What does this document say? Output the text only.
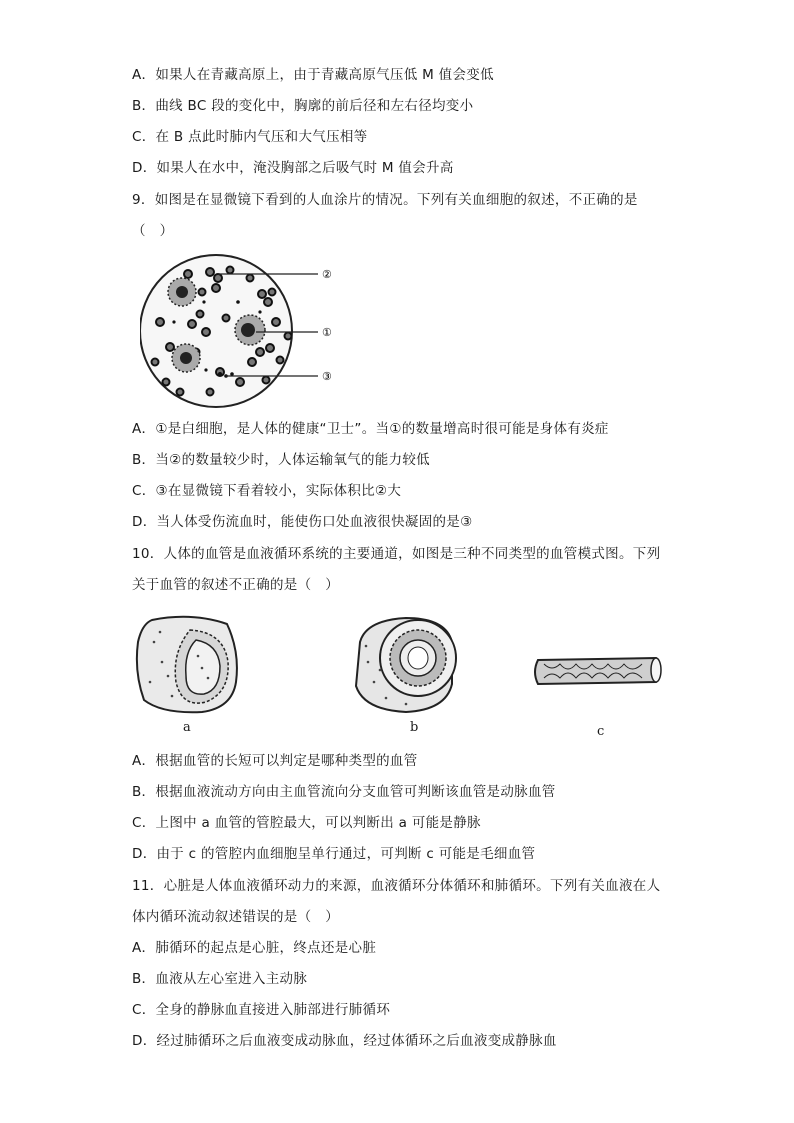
A．如果人在青藏高原上，由于青藏高原气压低 M 值会变低
B．曲线 BC 段的变化中，胸廓的前后径和左右径均变小
C．在 B 点此时肺内气压和大气压相等
D．如果人在水中，淹没胸部之后吸气时 M 值会升高
9．如图是在显微镜下看到的人血涂片的情况。下列有关血细胞的叙述，不正确的是
（　）
②
①
③
A．①是白细胞，是人体的健康“卫士”。当①的数量增高时很可能是身体有炎症
B．当②的数量较少时，人体运输氧气的能力较低
C．③在显微镜下看着较小，实际体积比②大
D．当人体受伤流血时，能使伤口处血液很快凝固的是③
10．人体的血管是血液循环系统的主要通道，如图是三种不同类型的血管模式图。下列
关于血管的叙述不正确的是（　）
a	b	c
A．根据血管的长短可以判定是哪种类型的血管
B．根据血液流动方向由主血管流向分支血管可判断该血管是动脉血管
C．上图中 a 血管的管腔最大，可以判断出 a 可能是静脉
D．由于 c 的管腔内血细胞呈单行通过，可判断 c 可能是毛细血管
11．心脏是人体血液循环动力的来源，血液循环分体循环和肺循环。下列有关血液在人
体内循环流动叙述错误的是（　）
A．肺循环的起点是心脏，终点还是心脏
B．血液从左心室进入主动脉
C．全身的静脉血直接进入肺部进行肺循环
D．经过肺循环之后血液变成动脉血，经过体循环之后血液变成静脉血
